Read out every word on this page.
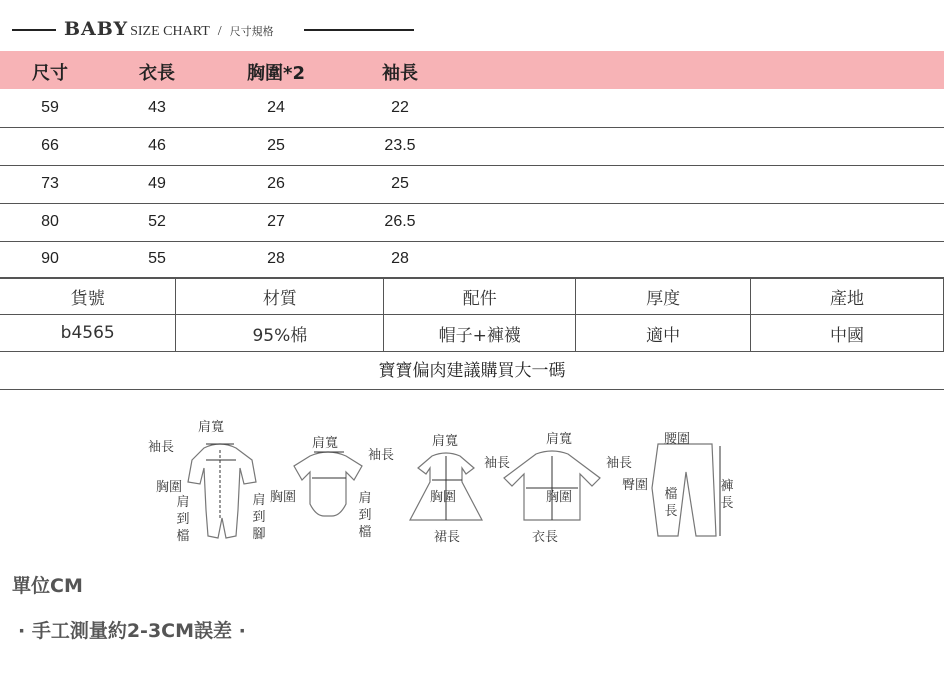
BABY SIZE CHART / 尺寸規格
尺寸	衣長	胸圍*2	袖長
59	43	24	22
66	46	25	23.5
73	49	26	25
80	52	27	26.5
90	55	28	28
貨號	材質	配件	厚度	產地
b4565	95%棉	帽子+褲襪	適中	中國
寶寶偏肉建議購買大一碼
肩寬
袖長
胸圍
肩到檔
肩到腳
肩寬
袖長
胸圍	肩到檔
肩寬
胸圍
裙長
袖長
肩寬
袖長
胸圍
衣長
腰圍
臀圍
檔長
褲長
單位CM
· 手工測量約2-3CM誤差 ·
